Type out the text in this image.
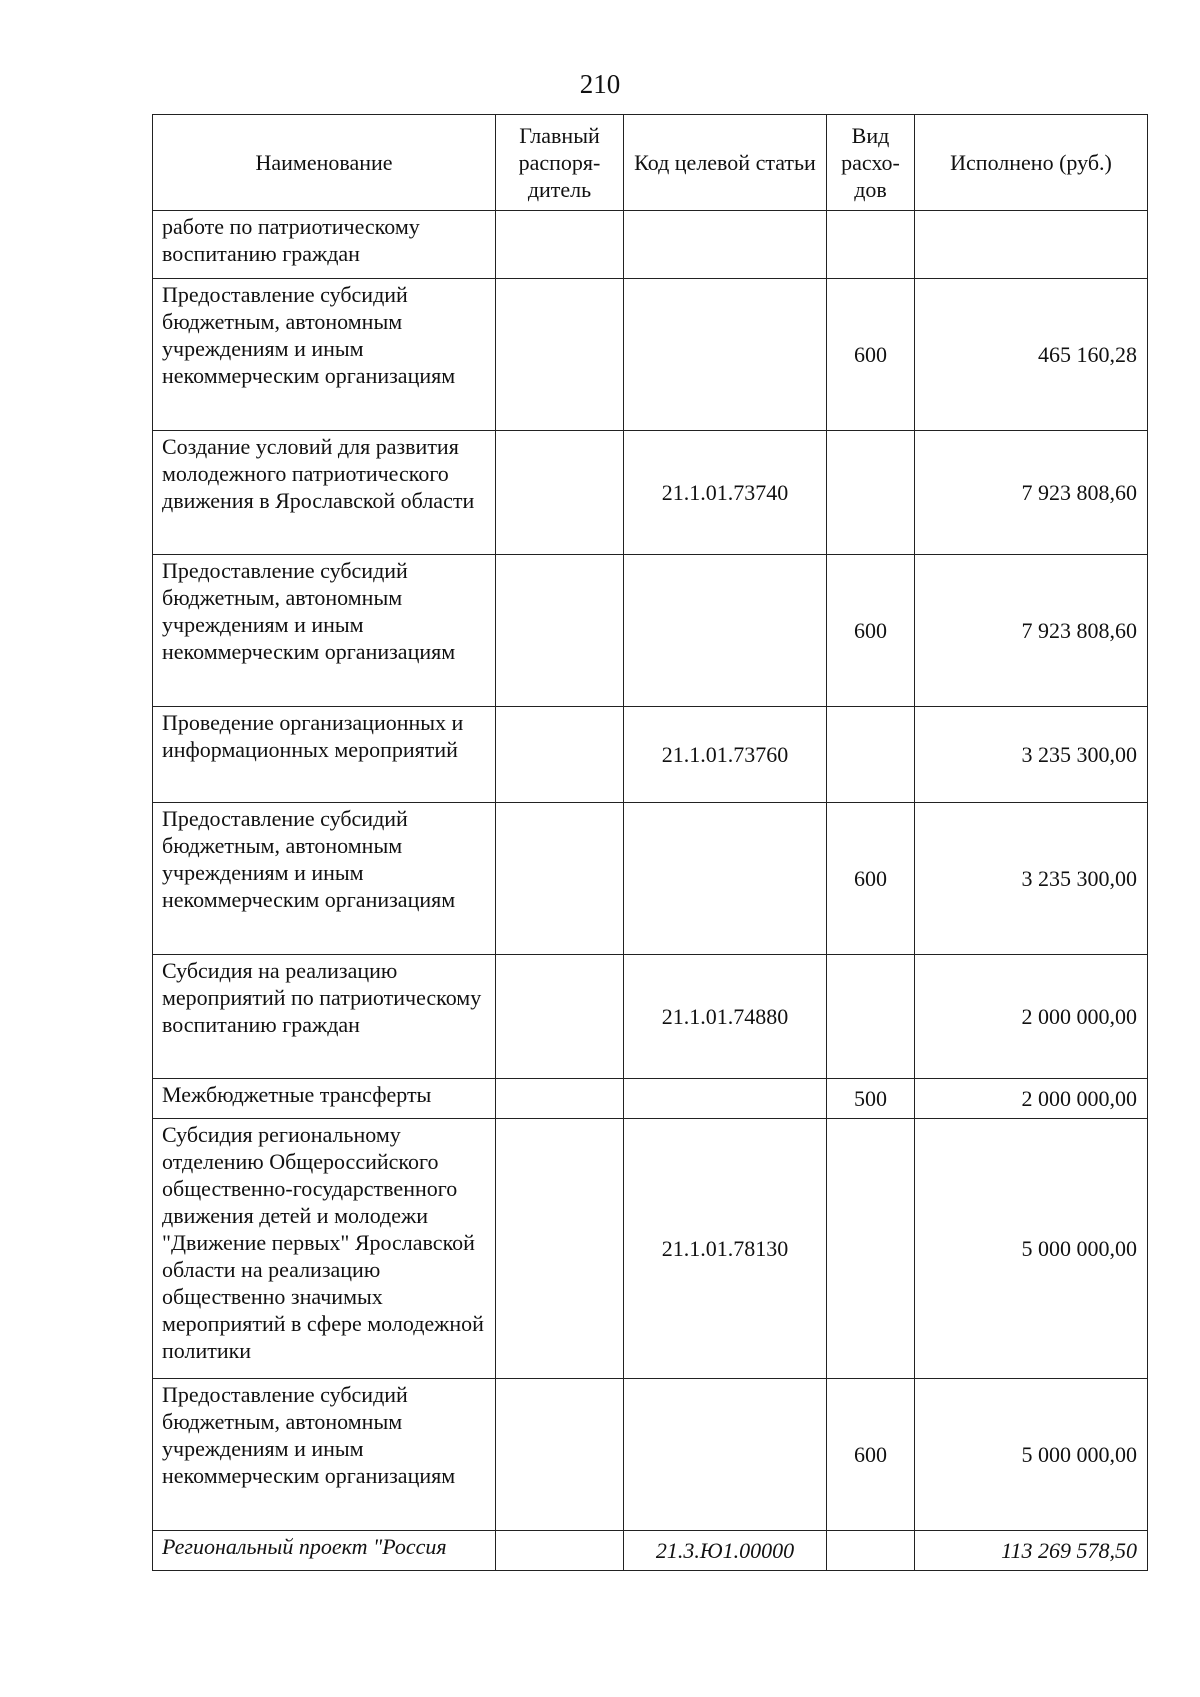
210
Наименование	Главный распоря-дитель	Код целевой статьи	Вид расхо-дов	Исполнено (руб.)
работе по патриотическому воспитанию граждан				
Предоставление субсидий бюджетным, автономным учреждениям и иным некоммерческим организациям			600	465 160,28
Создание условий для развития молодежного патриотического движения в Ярославской области		21.1.01.73740		7 923 808,60
Предоставление субсидий бюджетным, автономным учреждениям и иным некоммерческим организациям			600	7 923 808,60
Проведение организационных и информационных мероприятий		21.1.01.73760		3 235 300,00
Предоставление субсидий бюджетным, автономным учреждениям и иным некоммерческим организациям			600	3 235 300,00
Субсидия на реализацию мероприятий по патриотическому воспитанию граждан		21.1.01.74880		2 000 000,00
Межбюджетные трансферты			500	2 000 000,00
Субсидия региональному отделению Общероссийского общественно-государственного движения детей и молодежи "Движение первых" Ярославской области на реализацию общественно значимых мероприятий в сфере молодежной политики		21.1.01.78130		5 000 000,00
Предоставление субсидий бюджетным, автономным учреждениям и иным некоммерческим организациям			600	5 000 000,00
Региональный проект "Россия		21.3.Ю1.00000		113 269 578,50
